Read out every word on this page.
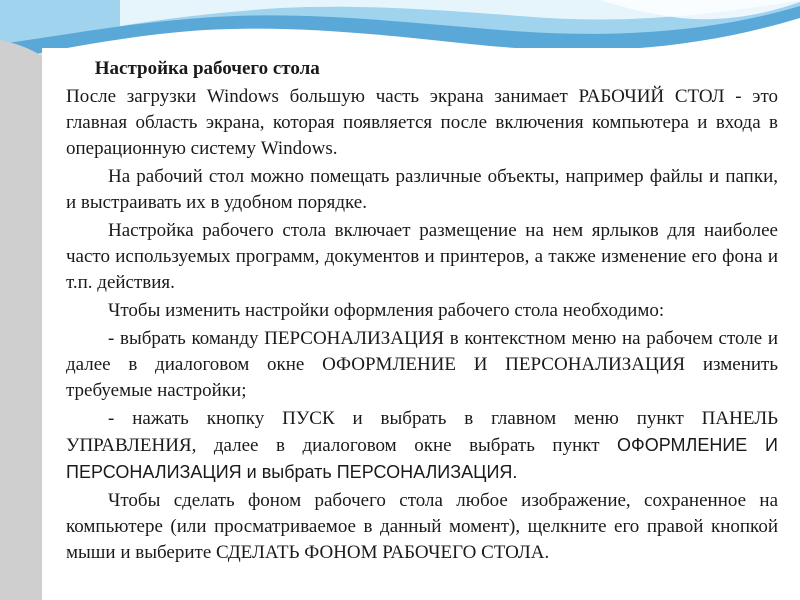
Настройка рабочего стола

После загрузки Windows большую часть экрана занимает РАБОЧИЙ СТОЛ - это главная область экрана, которая появляется после включения компьютера и входа в операционную систему Windows.

На рабочий стол можно помещать различные объекты, например файлы и папки, и выстраивать их в удобном порядке.

Настройка рабочего стола включает размещение на нем ярлыков для наиболее часто используемых программ, документов и принтеров, а также изменение его фона и т.п. действия.

Чтобы изменить настройки оформления рабочего стола необходимо:

- выбрать команду ПЕРСОНАЛИЗАЦИЯ в контекстном меню на рабочем столе и далее в диалоговом окне ОФОРМЛЕНИЕ И ПЕРСОНАЛИЗАЦИЯ изменить требуемые настройки;

- нажать кнопку ПУСК и выбрать в главном меню пункт ПАНЕЛЬ УПРАВЛЕНИЯ, далее в диалоговом окне выбрать пункт ОФОРМЛЕНИЕ И ПЕРСОНАЛИЗАЦИЯ и выбрать ПЕРСОНАЛИЗАЦИЯ.

Чтобы сделать фоном рабочего стола любое изображение, сохраненное на компьютере (или просматриваемое в данный момент), щелкните его правой кнопкой мыши и выберите СДЕЛАТЬ ФОНОМ РАБОЧЕГО СТОЛА.
